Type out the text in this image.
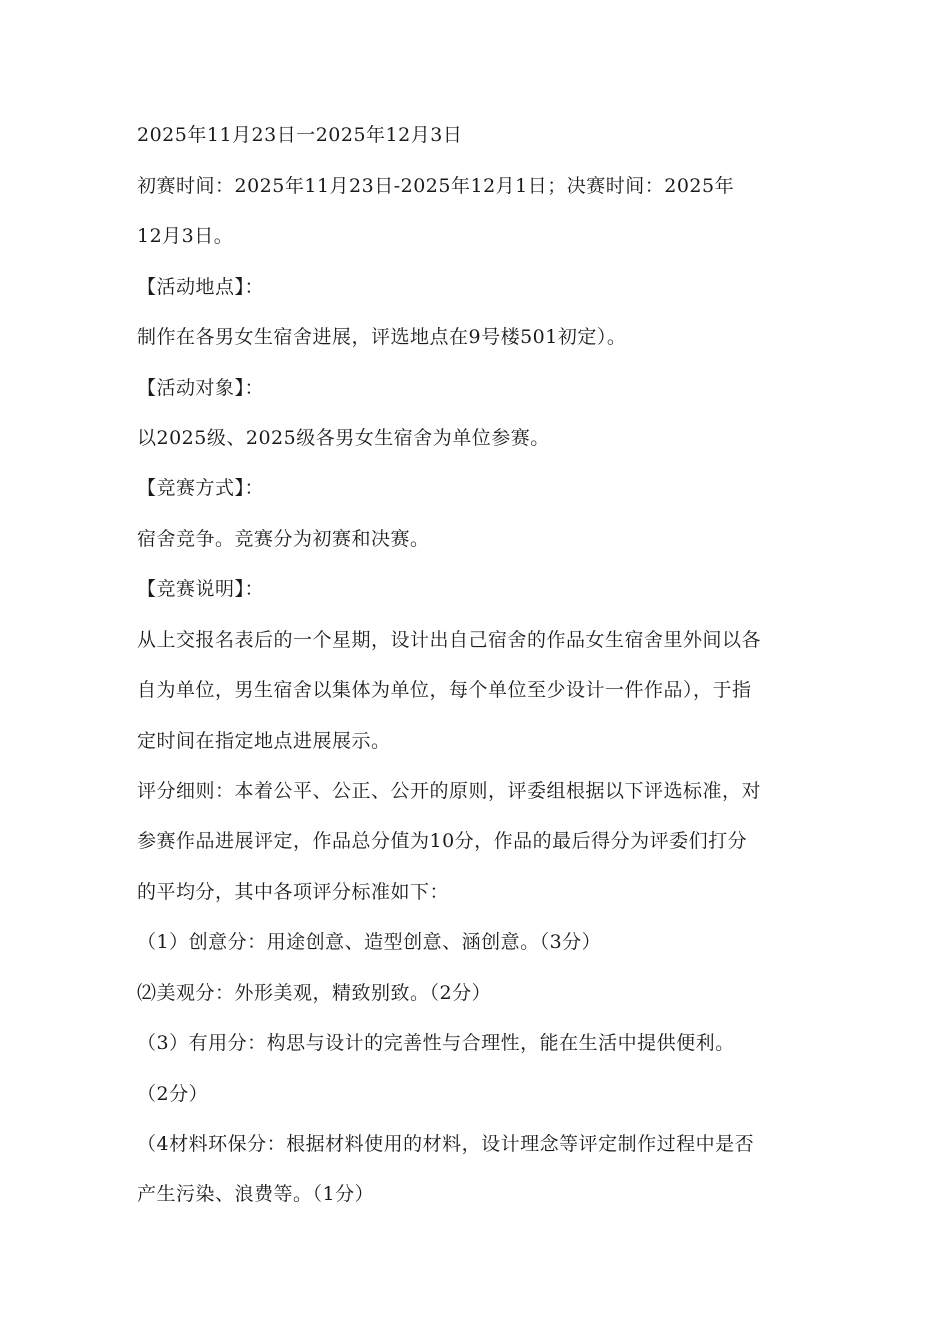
2025年11月23日一2025年12月3日
初赛时间：2025年11月23日-2025年12月1日；决赛时间：2025年
12月3日。
【活动地点】：
制作在各男女生宿舍进展，评选地点在9号楼501初定）。
【活动对象】：
以2025级、2025级各男女生宿舍为单位参赛。
【竞赛方式】：
宿舍竞争。竞赛分为初赛和决赛。
【竞赛说明】：
从上交报名表后的一个星期，设计出自己宿舍的作品女生宿舍里外间以各
自为单位，男生宿舍以集体为单位，每个单位至少设计一件作品），于指
定时间在指定地点进展展示。
评分细则：本着公平、公正、公开的原则，评委组根据以下评选标准，对
参赛作品进展评定，作品总分值为10分，作品的最后得分为评委们打分
的平均分，其中各项评分标准如下：
（1）创意分：用途创意、造型创意、涵创意。（3分）
⑵美观分：外形美观，精致别致。（2分）
（3）有用分：构思与设计的完善性与合理性，能在生活中提供便利。
（2分）
（4材料环保分：根据材料使用的材料，设计理念等评定制作过程中是否
产生污染、浪费等。（1分）
